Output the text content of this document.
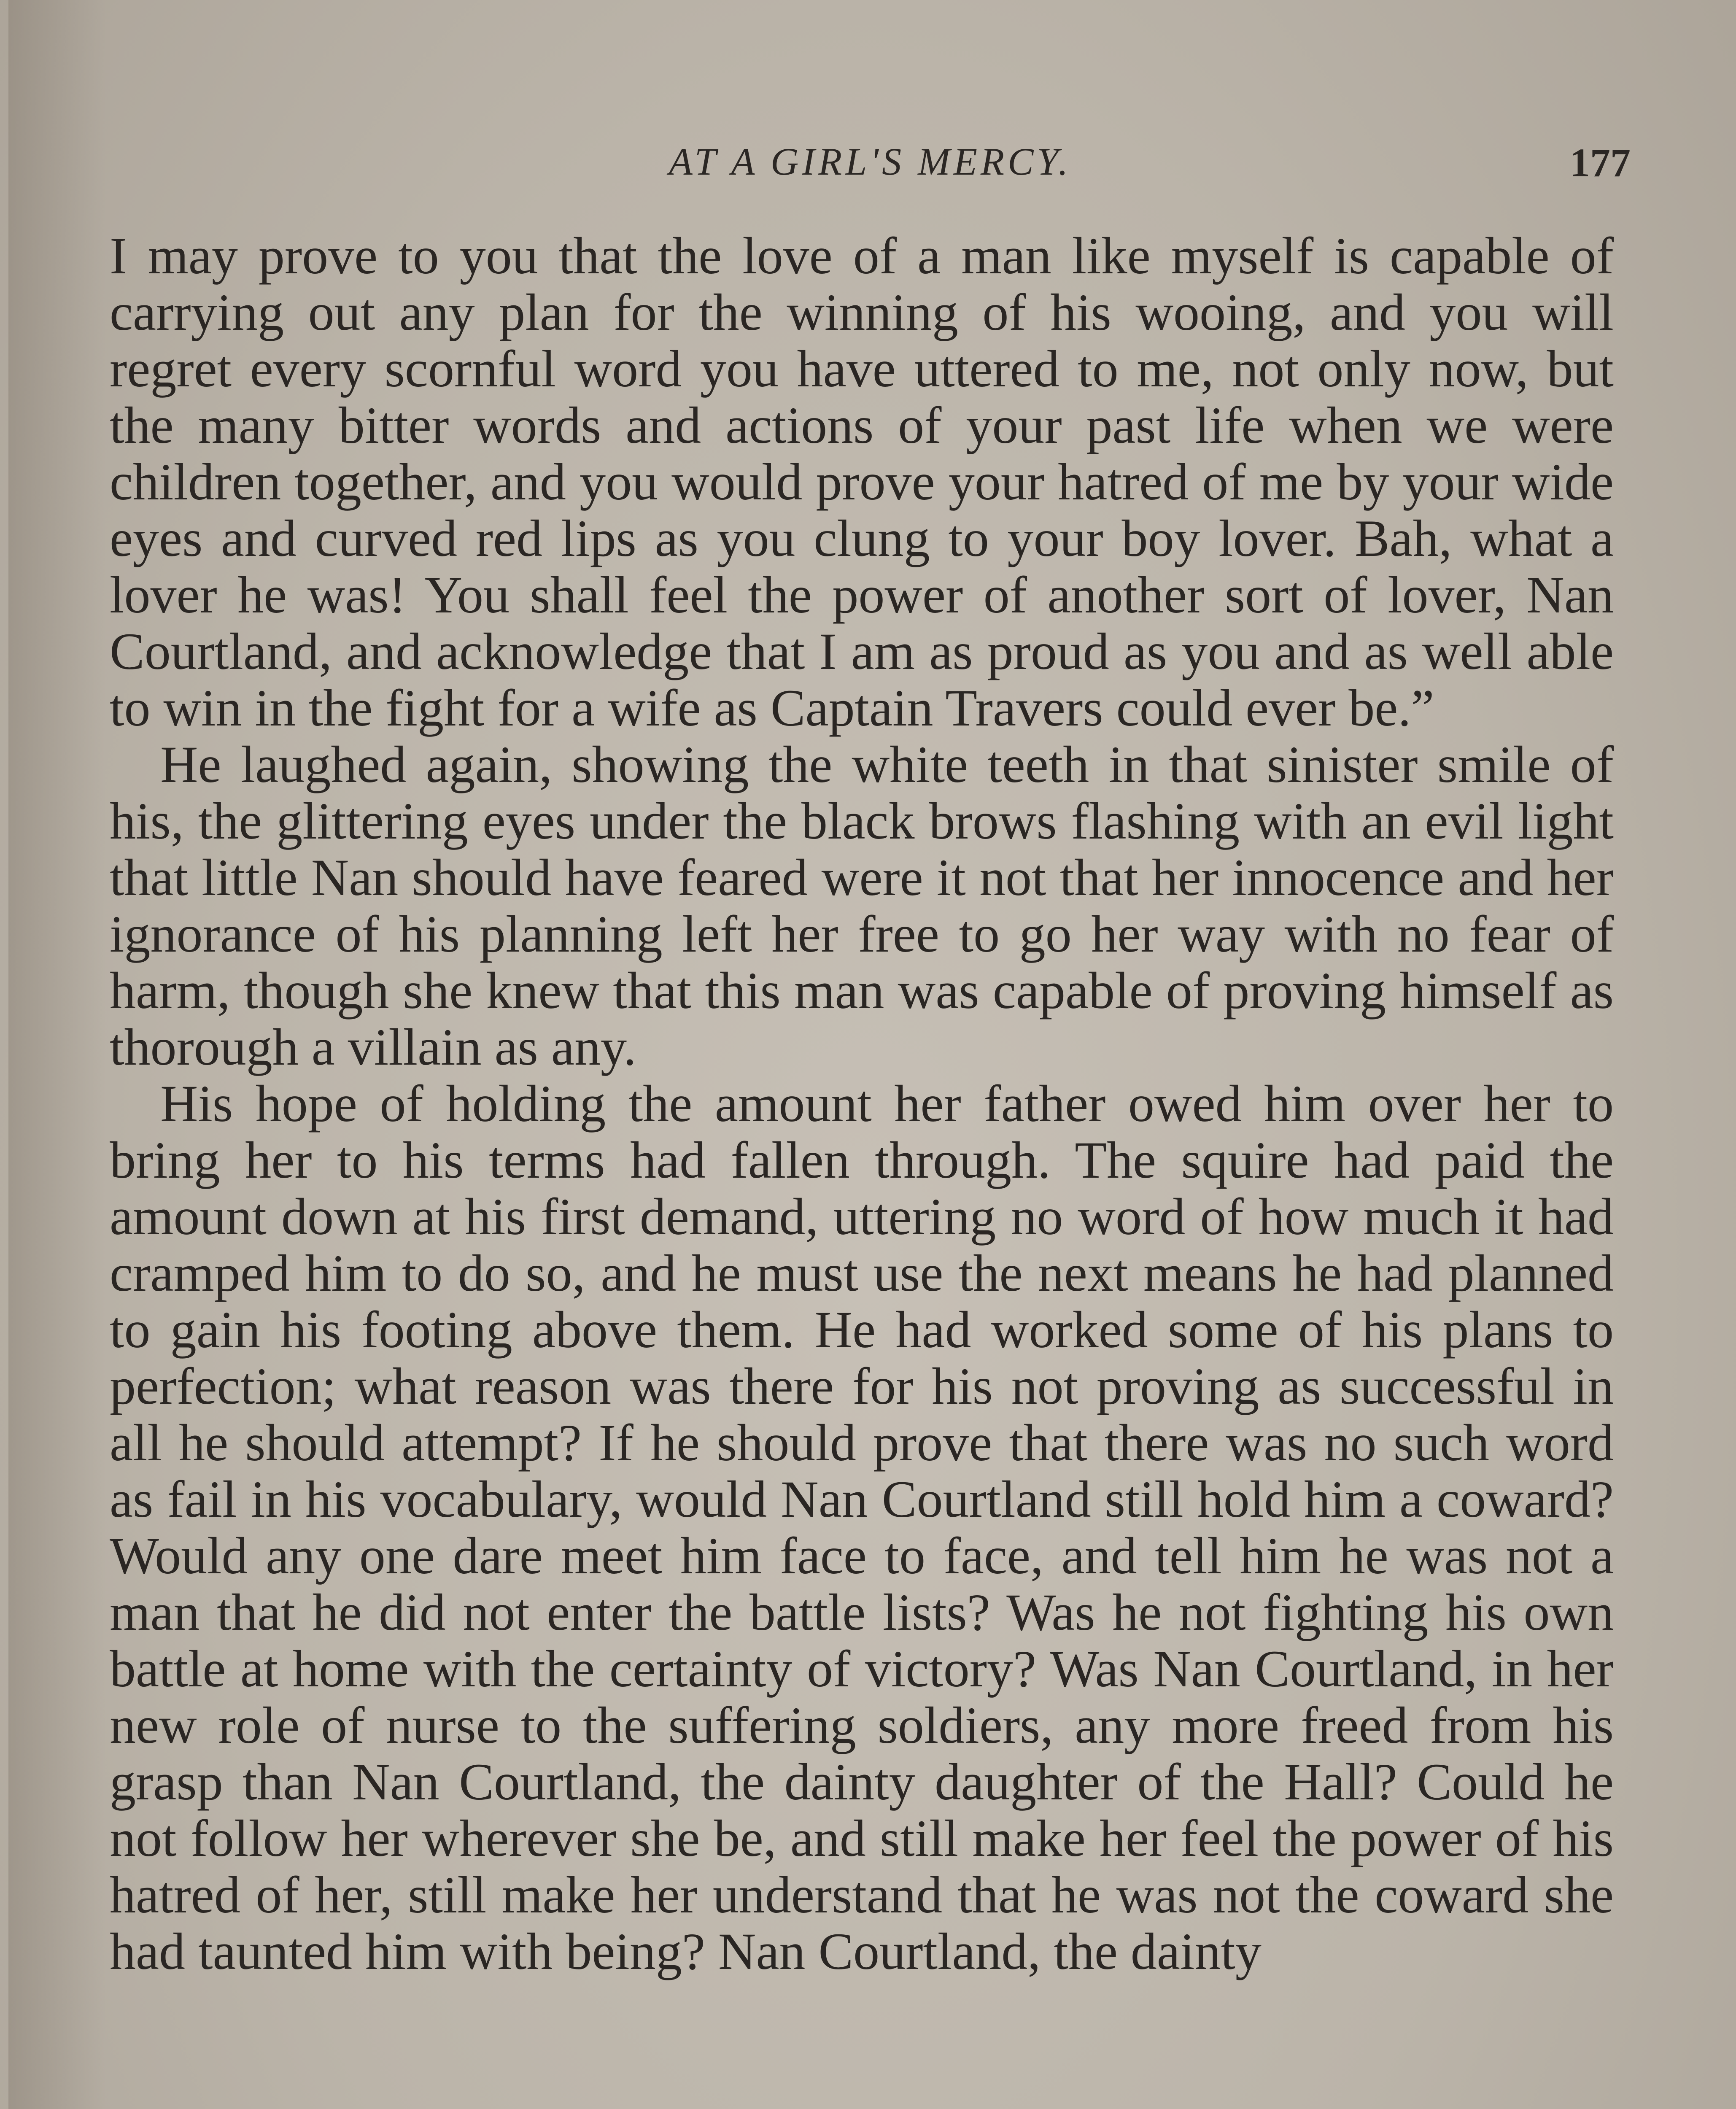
AT A GIRL'S MERCY.	177

I may prove to you that the love of a man like myself is capable of carrying out any plan for the winning of his wooing, and you will regret every scornful word you have uttered to me, not only now, but the many bitter words and actions of your past life when we were children together, and you would prove your hatred of me by your wide eyes and curved red lips as you clung to your boy lover. Bah, what a lover he was! You shall feel the power of another sort of lover, Nan Courtland, and acknowledge that I am as proud as you and as well able to win in the fight for a wife as Captain Travers could ever be.”

He laughed again, showing the white teeth in that sinister smile of his, the glittering eyes under the black brows flashing with an evil light that little Nan should have feared were it not that her innocence and her ignorance of his planning left her free to go her way with no fear of harm, though she knew that this man was capable of proving himself as thorough a villain as any.

His hope of holding the amount her father owed him over her to bring her to his terms had fallen through. The squire had paid the amount down at his first demand, uttering no word of how much it had cramped him to do so, and he must use the next means he had planned to gain his footing above them. He had worked some of his plans to perfection; what reason was there for his not proving as successful in all he should attempt? If he should prove that there was no such word as fail in his vocabulary, would Nan Courtland still hold him a coward? Would any one dare meet him face to face, and tell him he was not a man that he did not enter the battle lists? Was he not fighting his own battle at home with the certainty of victory? Was Nan Courtland, in her new role of nurse to the suffering soldiers, any more freed from his grasp than Nan Courtland, the dainty daughter of the Hall? Could he not follow her wherever she be, and still make her feel the power of his hatred of her, still make her understand that he was not the coward she had taunted him with being? Nan Courtland, the dainty
